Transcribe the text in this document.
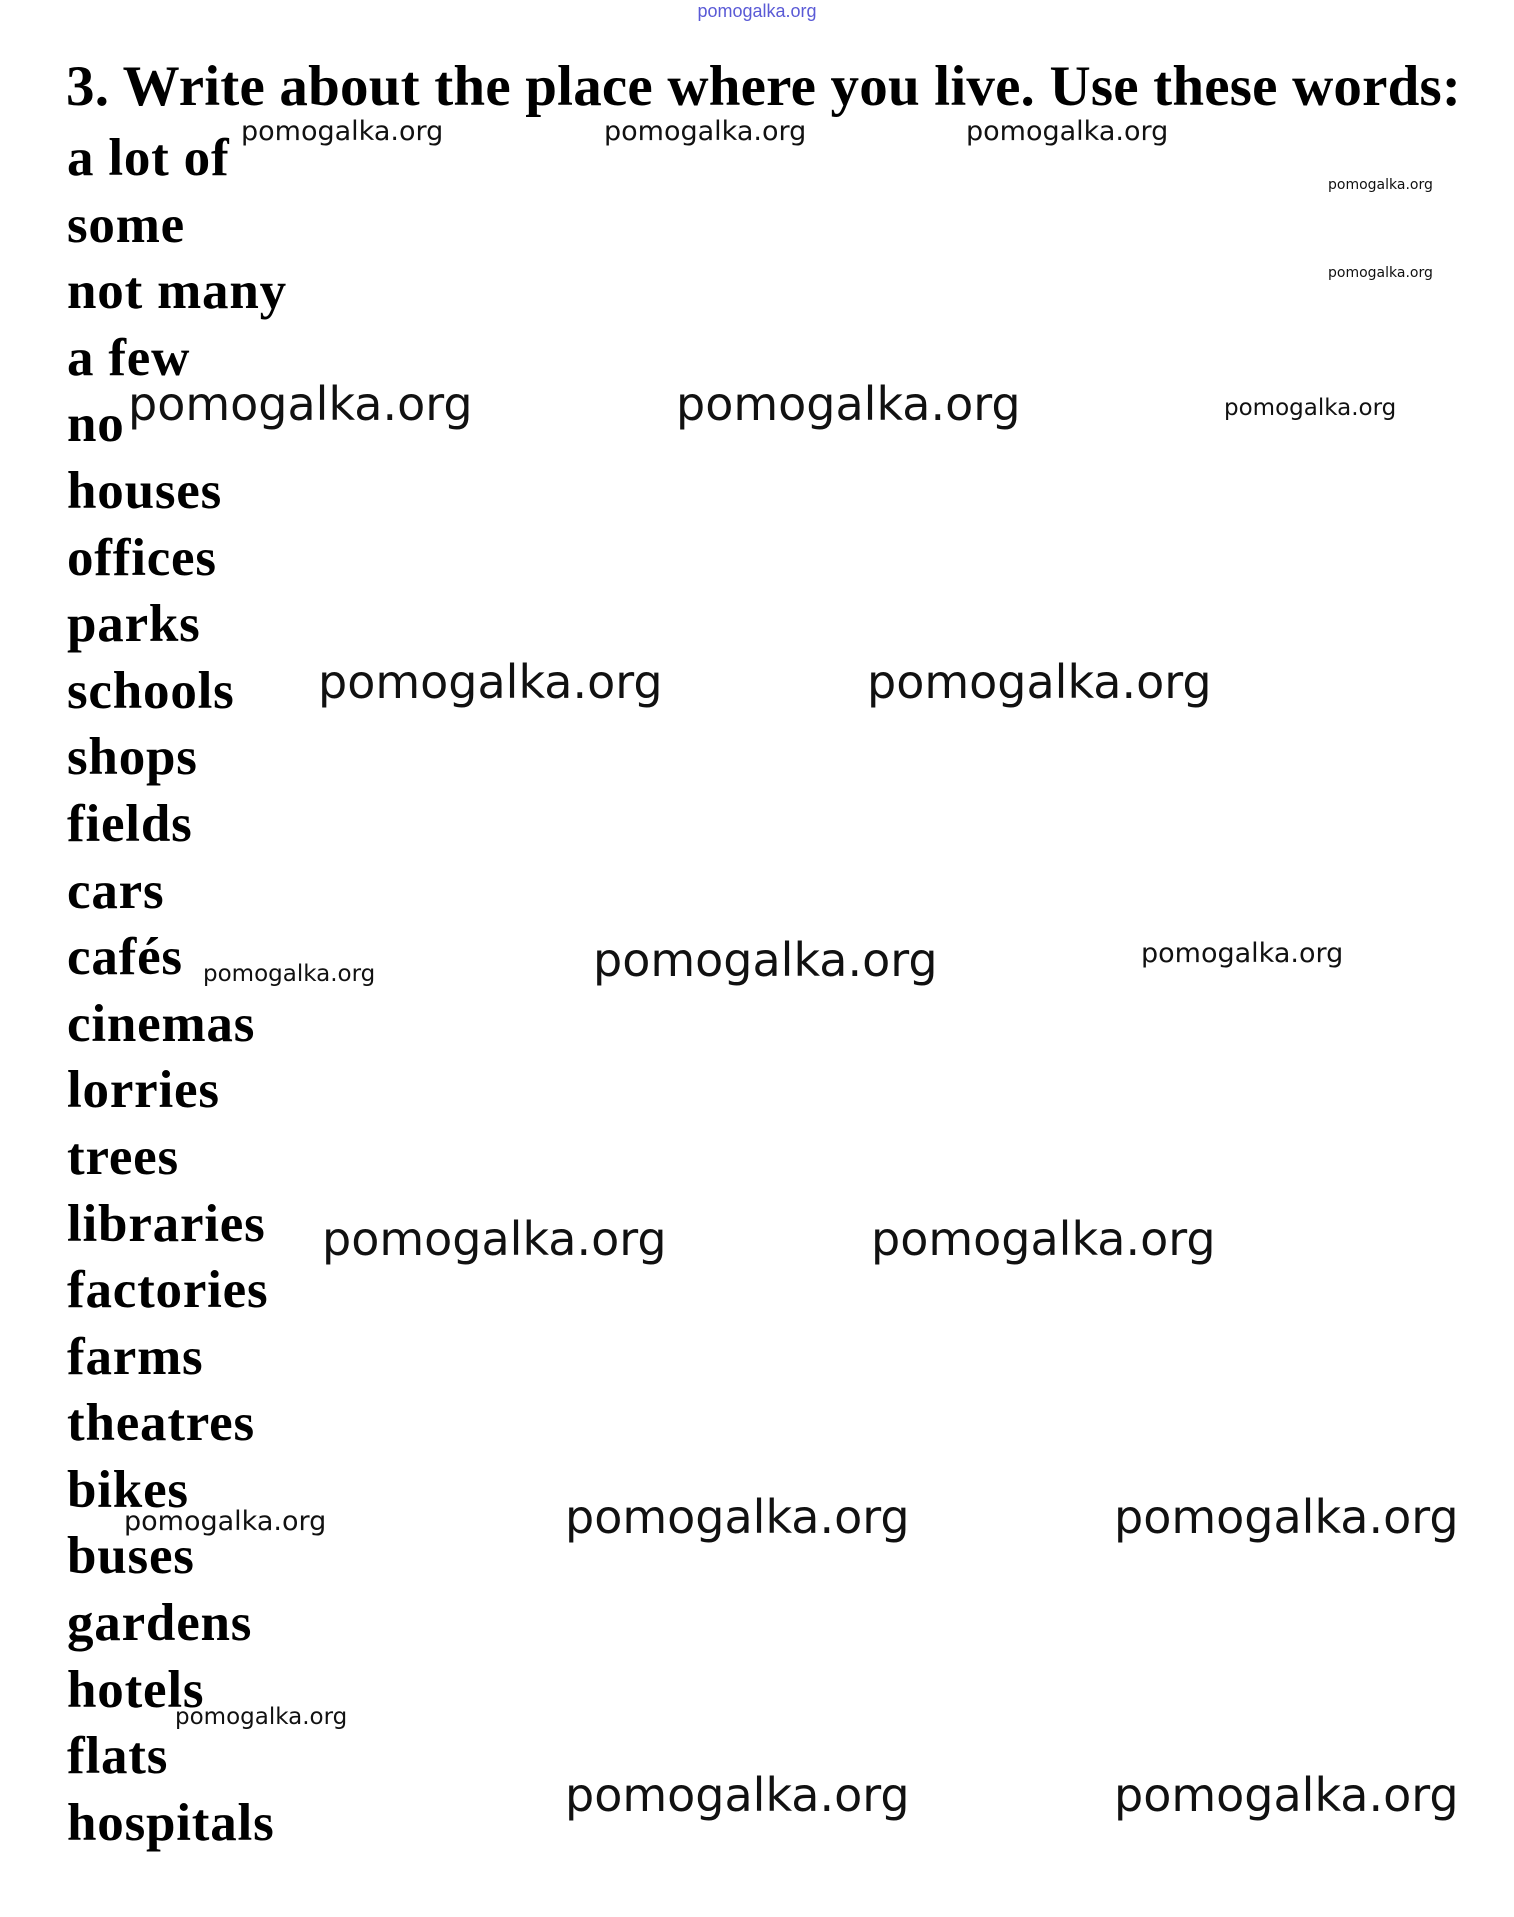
pomogalka.org
3. Write about the place where you live. Use these words:
a lot of
some
not many
a few
no
houses
offices
parks
schools
shops
fields
cars
cafés
cinemas
lorries
trees
libraries
factories
farms
theatres
bikes
buses
gardens
hotels
flats
hospitals
pomogalka.org	pomogalka.org	pomogalka.org
pomogalka.org
pomogalka.org
pomogalka.org	pomogalka.org	pomogalka.org
pomogalka.org	pomogalka.org
pomogalka.org	pomogalka.org	pomogalka.org
pomogalka.org	pomogalka.org
pomogalka.org	pomogalka.org	pomogalka.org
pomogalka.org
pomogalka.org	pomogalka.org
